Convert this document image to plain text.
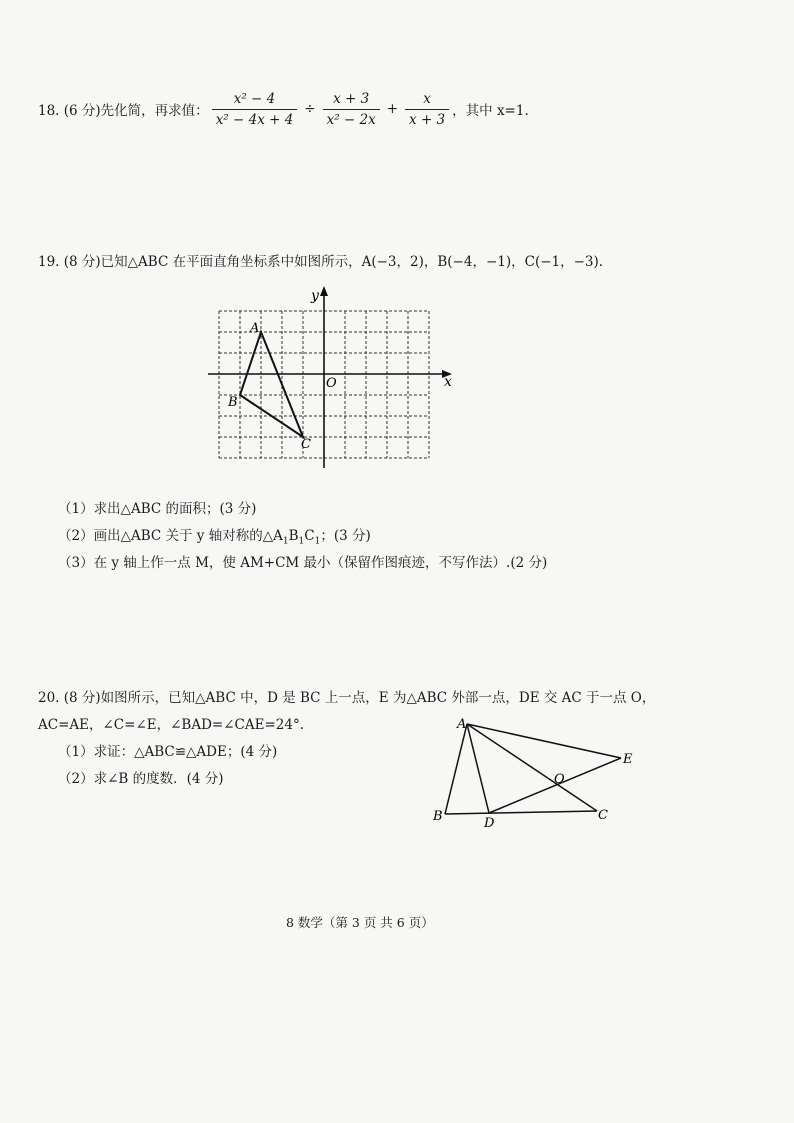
18. (6 分)先化简，再求值： $\frac{\text{x² − 4}}{\text{x² − 4x + 4}} \div \frac{x + 3}{\text{x² − 2x}} + \frac{x}{x + 3}$ ，其中 x=1.
19. (8 分)已知△ABC 在平面直角坐标系中如图所示，A(−3，2)，B(−4，−1)，C(−1，−3).
y
x
O
A
B
C
（1）求出△ABC 的面积；(3 分)
（2）画出△ABC 关于 y 轴对称的$\triangle A_1B_1C_1$；(3 分)
（3）在 y 轴上作一点 M，使 AM+CM 最小（保留作图痕迹，不写作法）.(2 分)
20. (8 分)如图所示，已知△ABC 中，D 是 BC 上一点，E 为△ABC 外部一点，DE 交 AC 于一点 O，
AC=AE，∠C=∠E，∠BAD=∠CAE=24°.
（1）求证：△ABC≌△ADE；(4 分)
（2）求∠B 的度数．(4 分)
A
B	C
D
E
O
8 数学（第 3 页 共 6 页）
